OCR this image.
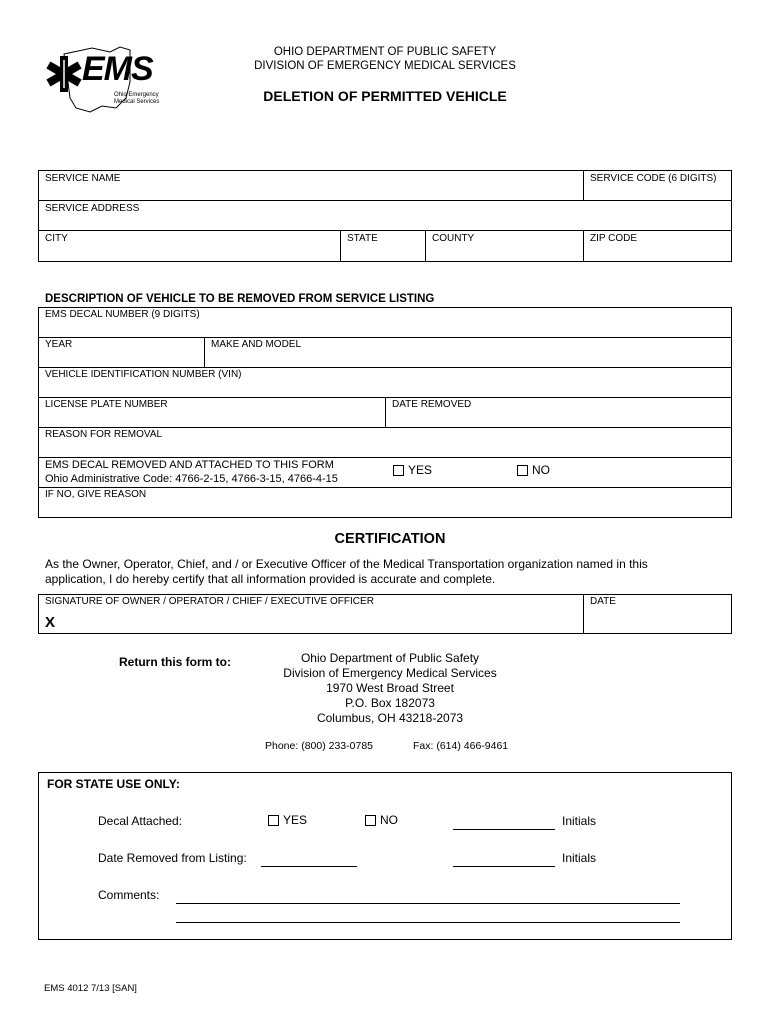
EMS
Ohio Emergency
Medical Services
OHIO DEPARTMENT OF PUBLIC SAFETY
DIVISION OF EMERGENCY MEDICAL SERVICES
DELETION OF PERMITTED VEHICLE
SERVICE NAME	SERVICE CODE (6 DIGITS)
SERVICE ADDRESS
CITY	STATE	COUNTY	ZIP CODE
DESCRIPTION OF VEHICLE TO BE REMOVED FROM SERVICE LISTING
EMS DECAL NUMBER (9 DIGITS)
YEAR	MAKE AND MODEL
VEHICLE IDENTIFICATION NUMBER (VIN)
LICENSE PLATE NUMBER	DATE REMOVED
REASON FOR REMOVAL
EMS DECAL REMOVED AND ATTACHED TO THIS FORM
Ohio Administrative Code: 4766-2-15, 4766-3-15, 4766-4-15
YES	NO
IF NO, GIVE REASON
CERTIFICATION
As the Owner, Operator, Chief, and / or Executive Officer of the Medical Transportation organization named in this
application, I do hereby certify that all information provided is accurate and complete.
SIGNATURE OF OWNER / OPERATOR / CHIEF / EXECUTIVE OFFICER
X
DATE
Return this form to:	Ohio Department of Public Safety
Division of Emergency Medical Services
1970 West Broad Street
P.O. Box 182073
Columbus, OH 43218-2073
Phone: (800) 233-0785	Fax: (614) 466-9461
FOR STATE USE ONLY:
Decal Attached:	YES	NO	Initials
Date Removed from Listing:	Initials
Comments:
EMS 4012 7/13 [SAN]
